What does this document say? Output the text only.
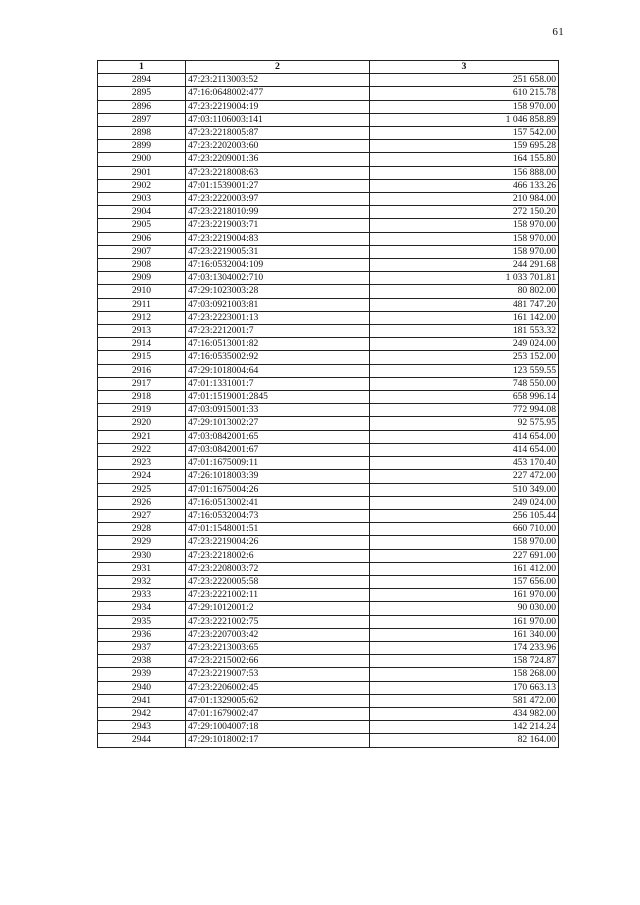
61
1	2	3
2894	47:23:2113003:52	251 658.00
2895	47:16:0648002:477	610 215.78
2896	47:23:2219004:19	158 970.00
2897	47:03:1106003:141	1 046 858.89
2898	47:23:2218005:87	157 542.00
2899	47:23:2202003:60	159 695.28
2900	47:23:2209001:36	164 155.80
2901	47:23:2218008:63	156 888.00
2902	47:01:1539001:27	466 133.26
2903	47:23:2220003:97	210 984.00
2904	47:23:2218010:99	272 150.20
2905	47:23:2219003:71	158 970.00
2906	47:23:2219004:83	158 970.00
2907	47:23:2219005:31	158 970.00
2908	47:16:0532004:109	244 291.68
2909	47:03:1304002:710	1 033 701.81
2910	47:29:1023003:28	80 802.00
2911	47:03:0921003:81	481 747.20
2912	47:23:2223001:13	161 142.00
2913	47:23:2212001:7	181 553.32
2914	47:16:0513001:82	249 024.00
2915	47:16:0535002:92	253 152.00
2916	47:29:1018004:64	123 559.55
2917	47:01:1331001:7	748 550.00
2918	47:01:1519001:2845	658 996.14
2919	47:03:0915001:33	772 994.08
2920	47:29:1013002:27	92 575.95
2921	47:03:0842001:65	414 654.00
2922	47:03:0842001:67	414 654.00
2923	47:01:1675009:11	453 170.40
2924	47:26:1018003:39	227 472.00
2925	47:01:1675004:26	510 349.00
2926	47:16:0513002:41	249 024.00
2927	47:16:0532004:73	256 105.44
2928	47:01:1548001:51	660 710.00
2929	47:23:2219004:26	158 970.00
2930	47:23:2218002:6	227 691.00
2931	47:23:2208003:72	161 412.00
2932	47:23:2220005:58	157 656.00
2933	47:23:2221002:11	161 970.00
2934	47:29:1012001:2	90 030.00
2935	47:23:2221002:75	161 970.00
2936	47:23:2207003:42	161 340.00
2937	47:23:2213003:65	174 233.96
2938	47:23:2215002:66	158 724.87
2939	47:23:2219007:53	158 268.00
2940	47:23:2206002:45	170 663.13
2941	47:01:1329005:62	581 472.00
2942	47:01:1679002:47	434 982.00
2943	47:29:1004007:18	142 214.24
2944	47:29:1018002:17	82 164.00
